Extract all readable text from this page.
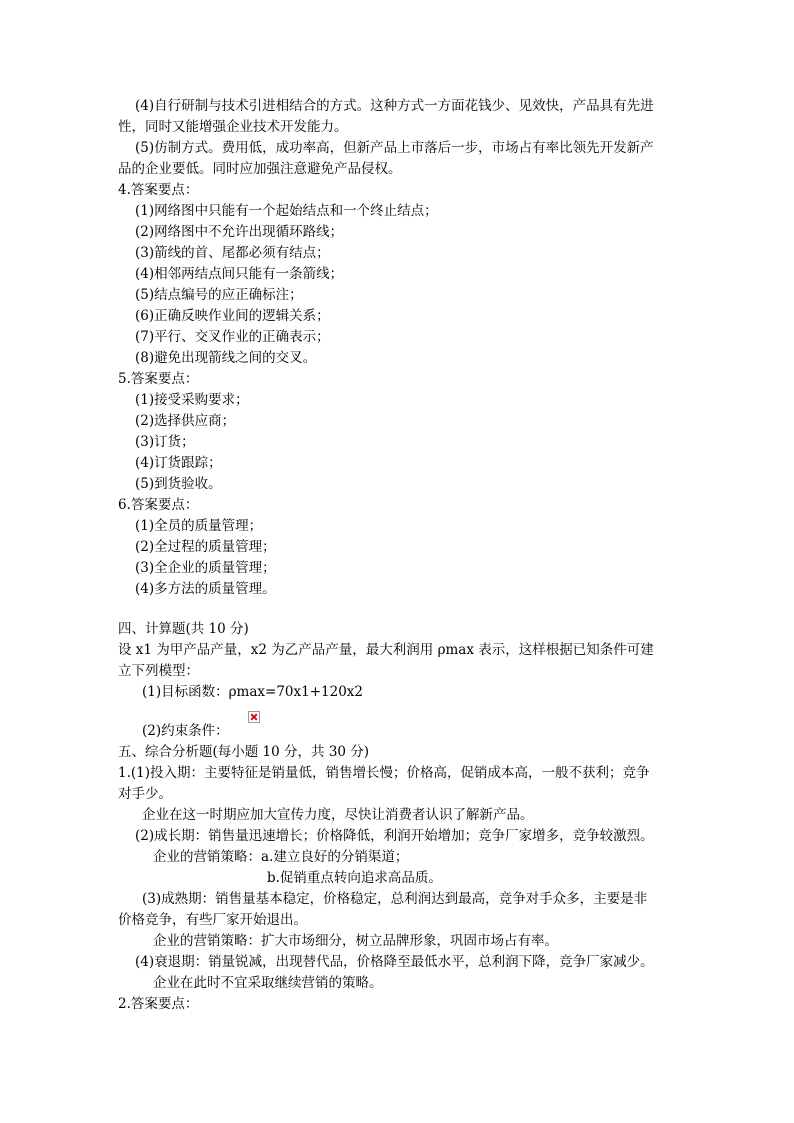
(4)自行研制与技术引进相结合的方式。这种方式一方面花钱少、见效快，产品具有先进
性，同时又能增强企业技术开发能力。
(5)仿制方式。费用低，成功率高，但新产品上市落后一步，市场占有率比领先开发新产
品的企业要低。同时应加强注意避免产品侵权。
4.答案要点：
(1)网络图中只能有一个起始结点和一个终止结点；
(2)网络图中不允许出现循环路线；
(3)箭线的首、尾都必须有结点；
(4)相邻两结点间只能有一条箭线；
(5)结点编号的应正确标注；
(6)正确反映作业间的逻辑关系；
(7)平行、交叉作业的正确表示；
(8)避免出现箭线之间的交叉。
5.答案要点：
(1)接受采购要求；
(2)选择供应商；
(3)订货；
(4)订货跟踪；
(5)到货验收。
6.答案要点：
(1)全员的质量管理；
(2)全过程的质量管理；
(3)全企业的质量管理；
(4)多方法的质量管理。
四、计算题(共 10 分)
设 x1 为甲产品产量，x2 为乙产品产量，最大利润用 ρmax 表示，这样根据已知条件可建
立下列模型：
(1)目标函数：ρmax=70x1+120x2
(2)约束条件：
五、综合分析题(每小题 10 分，共 30 分)
1.(1)投入期：主要特征是销量低，销售增长慢；价格高，促销成本高，一般不获利；竞争
对手少。
企业在这一时期应加大宣传力度，尽快让消费者认识了解新产品。
(2)成长期：销售量迅速增长；价格降低，利润开始增加；竞争厂家增多，竞争较激烈。
企业的营销策略：a.建立良好的分销渠道；
b.促销重点转向追求高品质。
(3)成熟期：销售量基本稳定，价格稳定，总利润达到最高，竞争对手众多，主要是非
价格竞争，有些厂家开始退出。
企业的营销策略：扩大市场细分，树立品牌形象，巩固市场占有率。
(4)衰退期：销量锐减，出现替代品，价格降至最低水平，总利润下降，竞争厂家减少。
企业在此时不宜采取继续营销的策略。
2.答案要点：
